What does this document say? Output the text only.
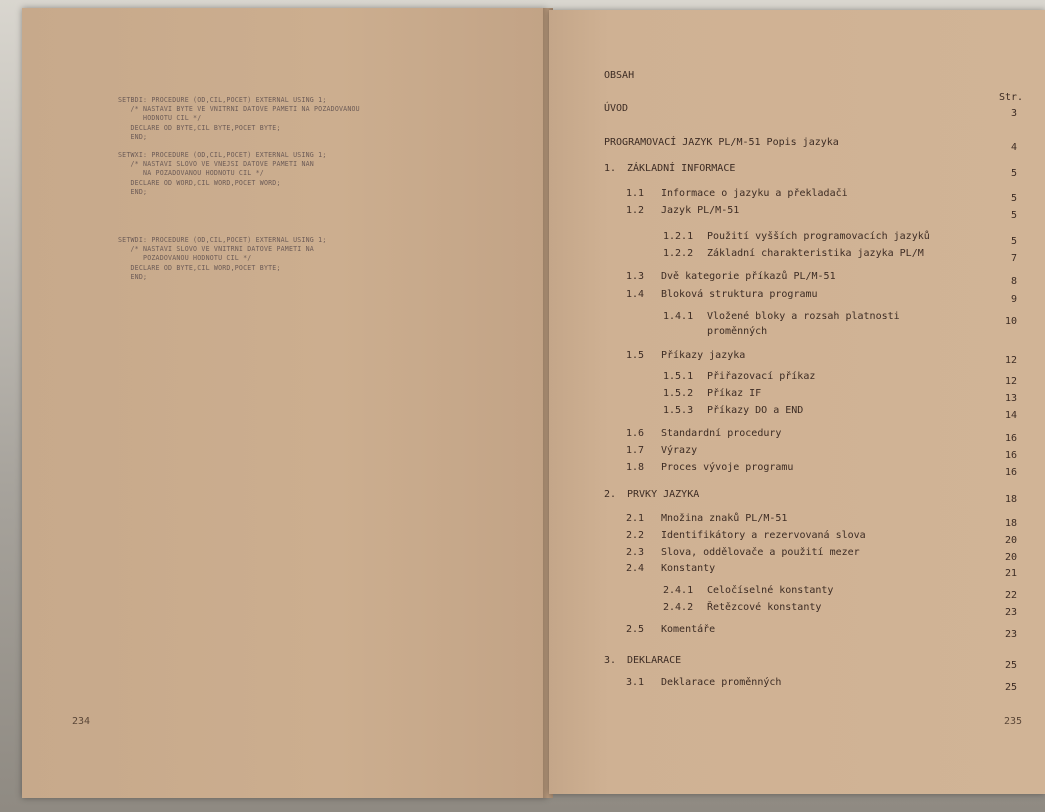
SETBDI: PROCEDURE (OD,CIL,POCET) EXTERNAL USING 1;
/* NASTAVI BYTE VE VNITRNI DATOVE PAMETI NA POZADOVANOU
HODNOTU CIL */
DECLARE OD BYTE,CIL BYTE,POCET BYTE;
END;
SETWXI: PROCEDURE (OD,CIL,POCET) EXTERNAL USING 1;
/* NASTAVI SLOVO VE VNEJSI DATOVE PAMETI NAN
NA POZADOVANOU HODNOTU CIL */
DECLARE OD WORD,CIL WORD,POCET WORD;
END;
SETWDI: PROCEDURE (OD,CIL,POCET) EXTERNAL USING 1;
/* NASTAVI SLOVO VE VNITRNI DATOVE PAMETI NA
POZADOVANOU HODNOTU CIL */
DECLARE OD BYTE,CIL WORD,POCET BYTE;
END;
234
OBSAH
Str.
ÚVOD	3
PROGRAMOVACÍ JAZYK PL/M-51 Popis jazyka	4
1. ZÁKLADNÍ INFORMACE	5
1.1 Informace o jazyku a překladači	5
1.2 Jazyk PL/M-51	5
1.2.1 Použití vyšších programovacích jazyků	5
1.2.2 Základní charakteristika jazyka PL/M	7
1.3 Dvě kategorie příkazů PL/M-51	8
1.4 Bloková struktura programu	9
1.4.1 Vložené bloky a rozsah platnosti	10
proměnných
1.5 Příkazy jazyka	12
1.5.1 Přiřazovací příkaz	12
1.5.2 Příkaz IF	13
1.5.3 Příkazy DO a END	14
1.6 Standardní procedury	16
1.7 Výrazy	16
1.8 Proces vývoje programu	16
2. PRVKY JAZYKA	18
2.1 Množina znaků PL/M-51	18
2.2 Identifikátory a rezervovaná slova	20
2.3 Slova, oddělovače a použití mezer	20
2.4 Konstanty	21
2.4.1 Celočíselné konstanty	22
2.4.2 Řetězcové konstanty	23
2.5 Komentáře	23
3. DEKLARACE	25
3.1 Deklarace proměnných	25
235
